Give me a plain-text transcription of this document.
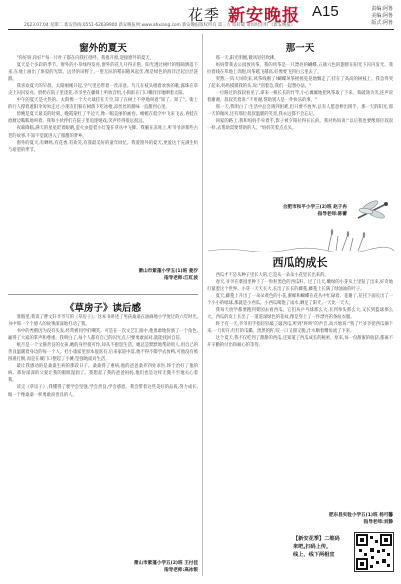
花季 新安晚报 A15	责编:阿鲁
美编:阿鲁
版式:阿鲁
2023.07.04 星期二 新安热线:0551-62639900 新安晚报网:www.ahxiang.com 新安晚报版权所有 第三方 如转载 请同时注明 《新安晚报》
窗外的夏天

"你好呀,你好!"每一片叶子都在向我打招呼。我推开窗,迎接窗外的夏天。

夏天是个多彩的季节。窗外的小草绿得发亮,窗外的花儿开得正艳。阳光透过树叶的缝隙洒落下来,在地上画出了斑驳的光影。远处的田野上,一望无际的稻田随风起伏,像是绿色的海洋泛起层层涟漪。

我喜欢夏天的早晨。太阳刚刚升起,空气里还带着一丝凉意。鸟儿在枝头唱着欢快的歌,露珠在草尖上闪闪发亮。奶奶在院子里浇花,爷爷坐在藤椅上听收音机,小狗趴在门口懒洋洋地晒着太阳。

中午的夏天是火热的。太阳像一个大火球挂在天空,知了在树上不停地叫着"知了、知了"。街上的行人撑着遮阳伞匆匆走过,小朋友们躲在树荫下吃冰棍,凉丝丝的甜味一直甜到心里。

傍晚是夏天最美的时刻。晚霞染红了半边天,像一幅美丽的画卷。蜻蜓在低空中飞来飞去,青蛙在池塘边呱呱地叫着。我和小伙伴们在院子里追逐嬉戏,笑声传得很远很远。

夜幕降临,满天的星星眨着眼睛,萤火虫提着小灯笼在草丛中飞舞。我躺在凉席上,听爷爷讲那些古老的故事,不知不觉就进入了甜甜的梦乡。

窗外的夏天,有蝉鸣,有花香,有欢笑,有我最美好的童年回忆。我爱窗外的夏天,更爱这个充满生机与希望的季节。

萧山市紫蓬小学五(1)班 姜汐
指导老师:江红波
《草房子》读后感

暑假里,我读了曹文轩爷爷写的《草房子》。这本书讲述了男孩桑桑在油麻地小学度过的六年时光,书中那一个个感人的故事深深地打动了我。

书中的秃鹤因为没有头发,经常被同学们嘲笑。可是在一次文艺汇演中,他勇敢地扮演了一个角色,赢得了大家的掌声和尊重。我明白了,每个人都有自己的闪光点,只要勇敢面对,就能找回自信。

纸月是一个文静善良的女孩,她的身世很可怜,却从不抱怨生活。她总是默默地帮助别人,用自己的善良温暖着身边的每一个人。杜小康家里原本很富有,后来家道中落,他不得不辍学去放鸭,可他没有被困难打倒,而是在城门口摆起了小摊,坚强地面对生活。

最让我感动的是桑桑生病的那段日子。桑桑得了重病,他的爸爸桑乔四处求医,终于治好了他的病。那份深深的父爱让我的眼眶湿润了。我想起了我的爸爸妈妈,他们也是这样无微不至地关心着我。

读完《草房子》,我懂得了要学会坚强,学会善良,学会感恩。我会带着这些美好的品质,努力成长,做一个像桑桑一样勇敢而善良的人。

萧山市紫蓬小学五(2)班 王付佳
指导老师:高冰银
那一天

那一天,阳光明媚,微风轻轻吹拂。

妈妈带我去公园放风筝。我的风筝是一只漂亮的蝴蝶,五颜六色的翅膀在阳光下闪闪发光。我拉着线在草地上奔跑,风筝越飞越高,好像要飞到白云里去了。

突然,一阵大风吹来,风筝线断了!蝴蝶风筝摇摇晃晃地飘走了,挂在了高高的树枝上。我急得哭了起来,妈妈摸摸我的头,说:"别着急,我们一起想办法。"

一位路过的叔叔看见了,拿来一根长长的竹竿,小心翼翼地把风筝取了下来。我破涕为笑,连声说着谢谢。叔叔笑着说:"不用谢,帮助别人是一件快乐的事。"

那一天,我明白了:生活中总会遇到困难,但只要不放弃,总有人愿意伸出援手。那一天的阳光,那一天的微风,还有那位叔叔温暖的笑容,我永远都不会忘记。

回家的路上,我和妈妈手牵着手,影子被夕阳拉得长长的。我对妈妈说:"以后我也要像那位叔叔一样,去帮助需要帮助的人。"妈妈笑着点点头。

合肥市和平小学三(2)班 赵子冉
指导老师:陈蕾
西瓜的成长

西瓜才不是从种子里长大的,它是从一朵朵小花里长出来的。

春天,爷爷在菜园里种下了一粒粒黑色的西瓜籽。过了几天,嫩绿的小芽从土里钻了出来,好奇地打量着这个世界。小芽一天天长大,长出了长长的藤蔓,藤蔓上长满了绿油油的叶子。

夏天,藤蔓上开出了一朵朵黄色的小花,蜜蜂和蝴蝶在花丛中忙碌着。花谢了,花托下面长出了一个小小的绿球,那就是小西瓜。小西瓜喝饱了雨水,晒足了阳光,一天比一天大。

我每天放学都要跑到菜园去看西瓜。它们从乒乓球那么大,长到拳头那么大,又长到篮球那么大。西瓜的皮上长出了一道道深绿色的花纹,像是穿上了一件漂亮的条纹衣服。

终于有一天,爷爷用手指轻轻敲了敲西瓜,听到"咚咚"的声音,高兴地说:"熟了!"爷爷把西瓜摘下来,一刀切开,红红的瓜瓤、黑黑的籽,咬一口又甜又脆,汁水顺着嘴角流了下来。

这个夏天,我不仅吃到了甜甜的西瓜,还知道了西瓜成长的秘密。原来,每一份甜蜜的收获,都离不开辛勤的付出和耐心的等待。

肥东县实验小学五(1)班 杨可馨
指导老师:刘静
【新安花季】二维码
来吧,扫码上传,
线上、线下两相宜
